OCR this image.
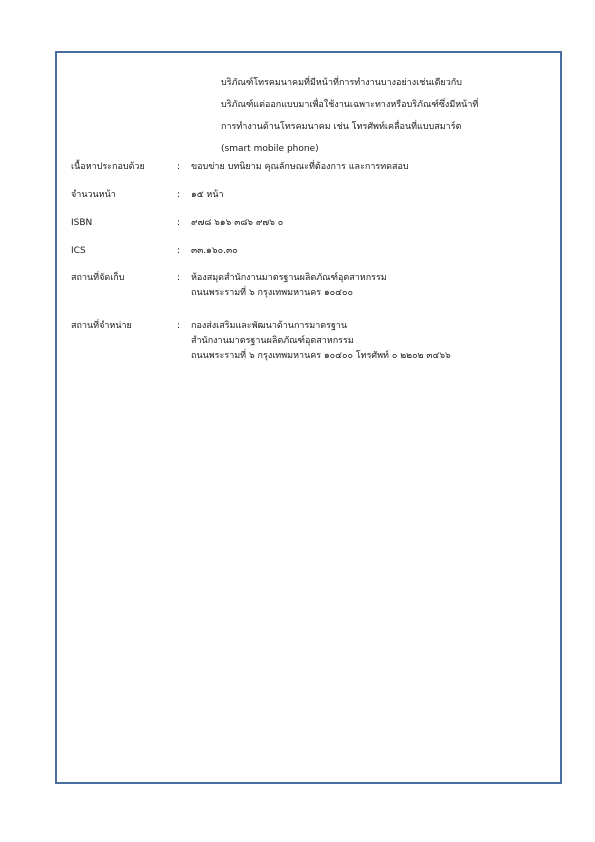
บริภัณฑ์โทรคมนาคมที่มีหน้าที่การทำงานบางอย่างเช่นเดียวกับ
บริภัณฑ์แต่ออกแบบมาเพื่อใช้งานเฉพาะทางหรือบริภัณฑ์ซึ่งมีหน้าที่
การทำงานด้านโทรคมนาคม เช่น โทรศัพท์เคลื่อนที่แบบสมาร์ต
(smart mobile phone)
เนื้อหาประกอบด้วย	: ขอบข่าย บทนิยาม คุณลักษณะที่ต้องการ และการทดสอบ
จำนวนหน้า	: ๑๕ หน้า
ISBN	: ๙๗๘ ๖๑๖ ๓๘๖ ๙๗๖ ๐
ICS	: ๓๓.๑๖๐.๓๐
สถานที่จัดเก็บ	: ห้องสมุดสำนักงานมาตรฐานผลิตภัณฑ์อุตสาหกรรม
ถนนพระรามที่ ๖ กรุงเทพมหานคร ๑๐๔๐๐
สถานที่จำหน่าย	: กองส่งเสริมและพัฒนาด้านการมาตรฐาน
สำนักงานมาตรฐานผลิตภัณฑ์อุตสาหกรรม
ถนนพระรามที่ ๖ กรุงเทพมหานคร ๑๐๔๐๐ โทรศัพท์ ๐ ๒๒๐๒ ๓๔๖๖
